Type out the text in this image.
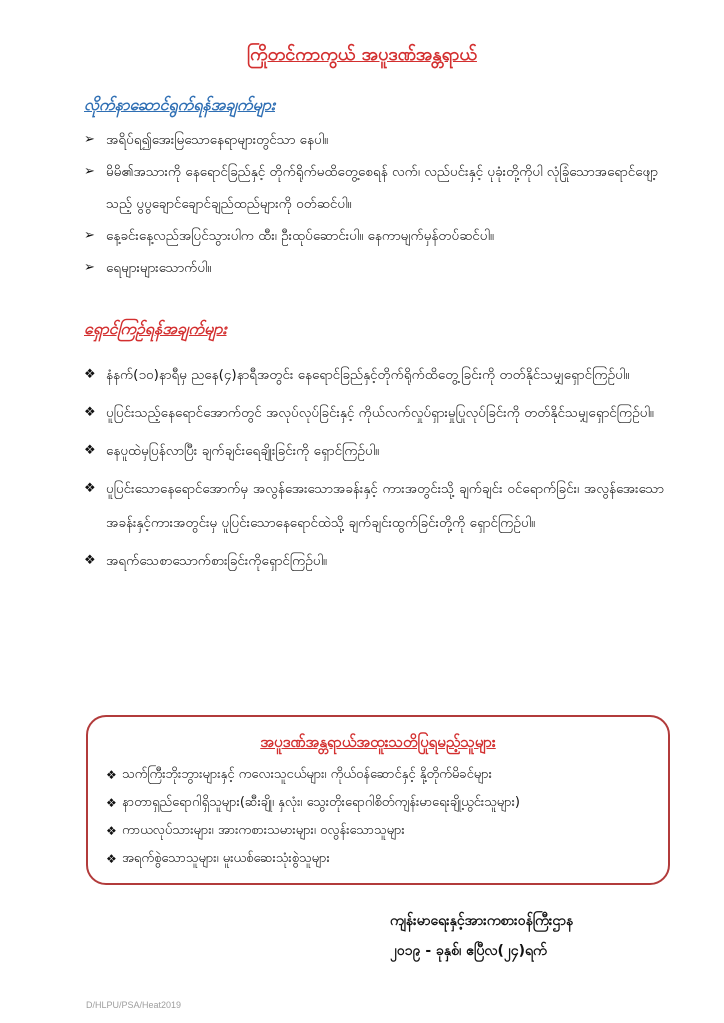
ကြိုတင်ကာကွယ် အပူဒဏ်အန္တရာယ်
လိုက်နာဆောင်ရွက်ရန်အချက်များ
➢ အရိပ်ရ၍အေးမြသောနေရာများတွင်သာ နေပါ။
➢ မိမိ၏အသားကို နေရောင်ခြည်နှင့် တိုက်ရိုက်မထိတွေ့စေရန် လက်၊ လည်ပင်းနှင့် ပုခုံးတို့ကိုပါ လုံခြုံသောအရောင်ဖျော့သည့် ပွပွချောင်ချောင်ချည်ထည်များကို ဝတ်ဆင်ပါ။
➢ နေ့ခင်းနေ့လည်အပြင်သွားပါက ထီး၊ ဦးထုပ်ဆောင်းပါ။ နေကာမျက်မှန်တပ်ဆင်ပါ။
➢ ရေများများသောက်ပါ။
ရှောင်ကြဉ်ရန်အချက်များ
❖ နံနက်(၁၀)နာရီမှ ညနေ(၄)နာရီအတွင်း နေရောင်ခြည်နှင့်တိုက်ရိုက်ထိတွေ့ခြင်းကို တတ်နိုင်သမျှရှောင်ကြဉ်ပါ။
❖ ပူပြင်းသည့်နေရောင်အောက်တွင် အလုပ်လုပ်ခြင်းနှင့် ကိုယ်လက်လှုပ်ရှားမှုပြုလုပ်ခြင်းကို တတ်နိုင်သမျှရှောင်ကြဉ်ပါ။
❖ နေပူထဲမှပြန်လာပြီး ချက်ချင်းရေချိုးခြင်းကို ရှောင်ကြဉ်ပါ။
❖ ပူပြင်းသောနေရောင်အောက်မှ အလွန်အေးသောအခန်းနှင့် ကားအတွင်းသို့ ချက်ချင်း ဝင်ရောက်ခြင်း၊ အလွန်အေးသောအခန်းနှင့်ကားအတွင်းမှ ပူပြင်းသောနေရောင်ထဲသို့ ချက်ချင်းထွက်ခြင်းတို့ကို ရှောင်ကြဉ်ပါ။
❖ အရက်သေစာသောက်စားခြင်းကိုရှောင်ကြဉ်ပါ။
အပူဒဏ်အန္တရာယ်အထူးသတိပြုရမည့်သူများ
❖ သက်ကြီးဘိုးဘွားများနှင့် ကလေးသူငယ်များ၊ ကိုယ်ဝန်ဆောင်နှင့် နို့တိုက်မိခင်များ
❖ နာတာရှည်ရောဂါရှိသူများ(ဆီးချို၊ နှလုံး၊ သွေးတိုးရောဂါစိတ်ကျန်းမာရေးချို့ယွင်းသူများ)
❖ ကာယလုပ်သားများ၊ အားကစားသမားများ၊ ဝလွန်းသောသူများ
❖ အရက်စွဲသောသူများ၊ မူးယစ်ဆေးသုံးစွဲသူများ
ကျန်းမာရေးနှင့်အားကစားဝန်ကြီးဌာန
၂၀၁၉ - ခုနှစ်၊ ဧပြီလ(၂၄)ရက်
D/HLPU/PSA/Heat2019
